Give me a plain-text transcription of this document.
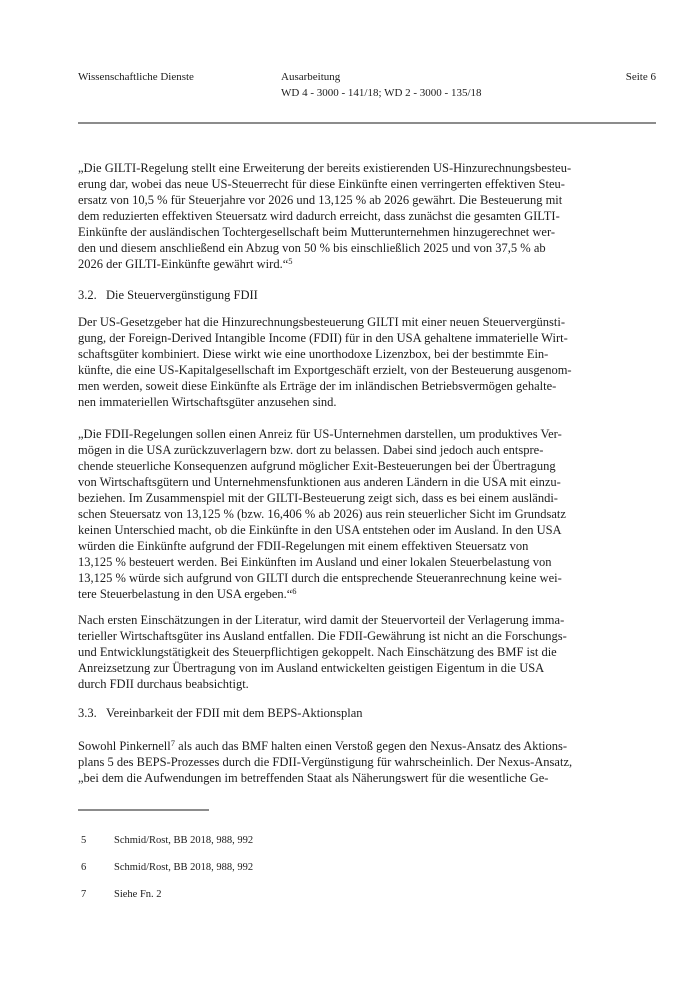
Wissenschaftliche Dienste	Ausarbeitung
WD 4 - 3000 - 141/18; WD 2 - 3000 - 135/18
Seite 6
„Die GILTI-Regelung stellt eine Erweiterung der bereits existierenden US-Hinzurechnungsbesteu-
erung dar, wobei das neue US-Steuerrecht für diese Einkünfte einen verringerten effektiven Steu-
ersatz von 10,5 % für Steuerjahre vor 2026 und 13,125 % ab 2026 gewährt. Die Besteuerung mit
dem reduzierten effektiven Steuersatz wird dadurch erreicht, dass zunächst die gesamten GILTI-
Einkünfte der ausländischen Tochtergesellschaft beim Mutterunternehmen hinzugerechnet wer-
den und diesem anschließend ein Abzug von 50 % bis einschließlich 2025 und von 37,5 % ab
2026 der GILTI-Einkünfte gewährt wird.“$^5$
3.2. Die Steuervergünstigung FDII
Der US-Gesetzgeber hat die Hinzurechnungsbesteuerung GILTI mit einer neuen Steuervergünsti-
gung, der Foreign-Derived Intangible Income (FDII) für in den USA gehaltene immaterielle Wirt-
schaftsgüter kombiniert. Diese wirkt wie eine unorthodoxe Lizenzbox, bei der bestimmte Ein-
künfte, die eine US-Kapitalgesellschaft im Exportgeschäft erzielt, von der Besteuerung ausgenom-
men werden, soweit diese Einkünfte als Erträge der im inländischen Betriebsvermögen gehalte-
nen immateriellen Wirtschaftsgüter anzusehen sind.
„Die FDII-Regelungen sollen einen Anreiz für US-Unternehmen darstellen, um produktives Ver-
mögen in die USA zurückzuverlagern bzw. dort zu belassen. Dabei sind jedoch auch entspre-
chende steuerliche Konsequenzen aufgrund möglicher Exit-Besteuerungen bei der Übertragung
von Wirtschaftsgütern und Unternehmensfunktionen aus anderen Ländern in die USA mit einzu-
beziehen. Im Zusammenspiel mit der GILTI-Besteuerung zeigt sich, dass es bei einem ausländi-
schen Steuersatz von 13,125 % (bzw. 16,406 % ab 2026) aus rein steuerlicher Sicht im Grundsatz
keinen Unterschied macht, ob die Einkünfte in den USA entstehen oder im Ausland. In den USA
würden die Einkünfte aufgrund der FDII-Regelungen mit einem effektiven Steuersatz von
13,125 % besteuert werden. Bei Einkünften im Ausland und einer lokalen Steuerbelastung von
13,125 % würde sich aufgrund von GILTI durch die entsprechende Steueranrechnung keine wei-
tere Steuerbelastung in den USA ergeben.“$^6$
Nach ersten Einschätzungen in der Literatur, wird damit der Steuervorteil der Verlagerung imma-
terieller Wirtschaftsgüter ins Ausland entfallen. Die FDII-Gewährung ist nicht an die Forschungs-
und Entwicklungstätigkeit des Steuerpflichtigen gekoppelt. Nach Einschätzung des BMF ist die
Anreizsetzung zur Übertragung von im Ausland entwickelten geistigen Eigentum in die USA
durch FDII durchaus beabsichtigt.
3.3. Vereinbarkeit der FDII mit dem BEPS-Aktionsplan
Sowohl Pinkernell$^7$ als auch das BMF halten einen Verstoß gegen den Nexus-Ansatz des Aktions-
plans 5 des BEPS-Prozesses durch die FDII-Vergünstigung für wahrscheinlich. Der Nexus-Ansatz,
„bei dem die Aufwendungen im betreffenden Staat als Näherungswert für die wesentliche Ge-
5	Schmid/Rost, BB 2018, 988, 992
6	Schmid/Rost, BB 2018, 988, 992
7	Siehe Fn. 2
